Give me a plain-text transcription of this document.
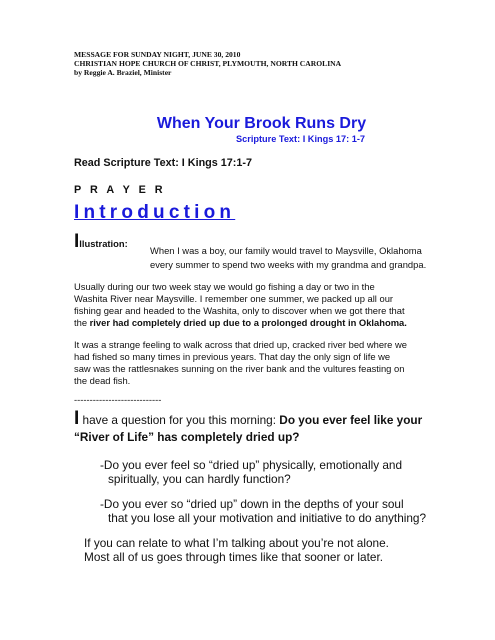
MESSAGE FOR SUNDAY NIGHT, JUNE 30, 2010
CHRISTIAN HOPE CHURCH OF CHRIST, PLYMOUTH, NORTH CAROLINA
by Reggie A. Braziel, Minister
When Your Brook Runs Dry
Scripture Text: I Kings 17: 1-7
Read Scripture Text: I Kings 17:1-7
P R A Y E R
Introduction
Illustration:
When I was a boy, our family would travel to Maysville, Oklahoma
every summer to spend two weeks with my grandma and grandpa.
Usually during our two week stay we would go fishing a day or two in the
Washita River near Maysville. I remember one summer, we packed up all our
fishing gear and headed to the Washita, only to discover when we got there that
the river had completely dried up due to a prolonged drought in Oklahoma.
It was a strange feeling to walk across that dried up, cracked river bed where we
had fished so many times in previous years. That day the only sign of life we
saw was the rattlesnakes sunning on the river bank and the vultures feasting on
the dead fish.
----------------------------
I have a question for you this morning: Do you ever feel like your
“River of Life” has completely dried up?
-Do you ever feel so “dried up” physically, emotionally and
spiritually, you can hardly function?
-Do you ever so “dried up” down in the depths of your soul
that you lose all your motivation and initiative to do anything?
If you can relate to what I’m talking about you’re not alone.
Most all of us goes through times like that sooner or later.
